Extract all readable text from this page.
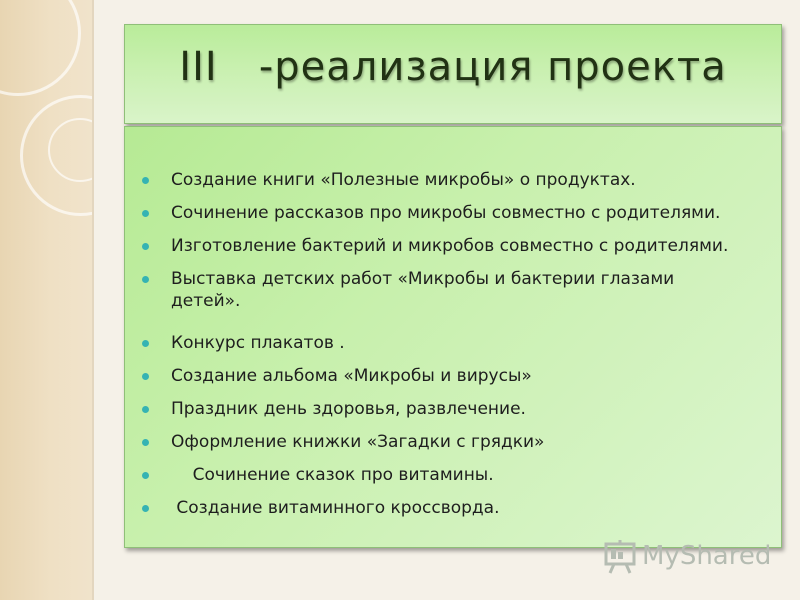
III   -реализация проекта
Создание книги «Полезные микробы» о продуктах.
Сочинение рассказов про микробы совместно с родителями.
Изготовление бактерий и микробов совместно с родителями.
Выставка детских работ «Микробы и бактерии глазами детей».
Конкурс плакатов .
Создание альбома «Микробы и вирусы»
Праздник день здоровья, развлечение.
Оформление книжки «Загадки с грядки»
Сочинение сказок про витамины.
Создание витаминного кроссворда.
MyShared
